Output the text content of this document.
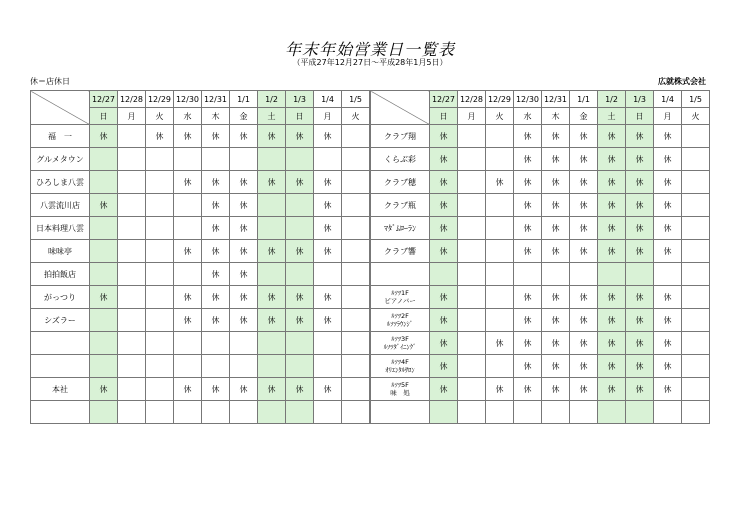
年末年始営業日一覧表
（平成27年12月27日～平成28年1月5日）
休＝店休日	広就株式会社
	12/27	12/28	12/29	12/30	12/31	1/1	1/2	1/3	1/4	1/5
	日	月	火	水	木	金	土	日	月	火
福　一	休		休	休	休	休	休	休	休	
グルメタウン										
ひろしま八雲				休	休	休	休	休	休	
八雲流川店	休				休	休			休	
日本料理八雲					休	休			休	
味味亭				休	休	休	休	休	休	
拍拍飯店					休	休				
がっつり	休			休	休	休	休	休	休	
シズラー				休	休	休	休	休	休	

本社	休			休	休	休	休	休	休	

	12/27	12/28	12/29	12/30	12/31	1/1	1/2	1/3	1/4	1/5
	日	月	火	水	木	金	土	日	月	火
クラブ翔	休			休	休	休	休	休	休	
くらぶ彩	休			休	休	休	休	休	休	
クラブ穂	休		休	休	休	休	休	休	休	
クラブ瓶	休			休	休	休	休	休	休	
ﾏﾀﾞﾑﾛｰﾗﾝ	休			休	休	休	休	休	休	
クラブ響	休			休	休	休	休	休	休	

ﾙｿﾂ1F
ピアノバー	休			休	休	休	休	休	休	

ﾙｿﾂ2F
ﾙｿﾂﾗｳﾝｼﾞ	休			休	休	休	休	休	休	

ﾙｿﾂ3F
ﾙｿﾂﾀﾞｲﾆﾝｸﾞ	休		休	休	休	休	休	休	休	

ﾙｿﾂ4F
ｵﾘｴﾝﾀﾙｻﾛﾝ	休			休	休	休	休	休	休	

ﾙｿﾂ5F
味　処	休		休	休	休	休	休	休	休	
